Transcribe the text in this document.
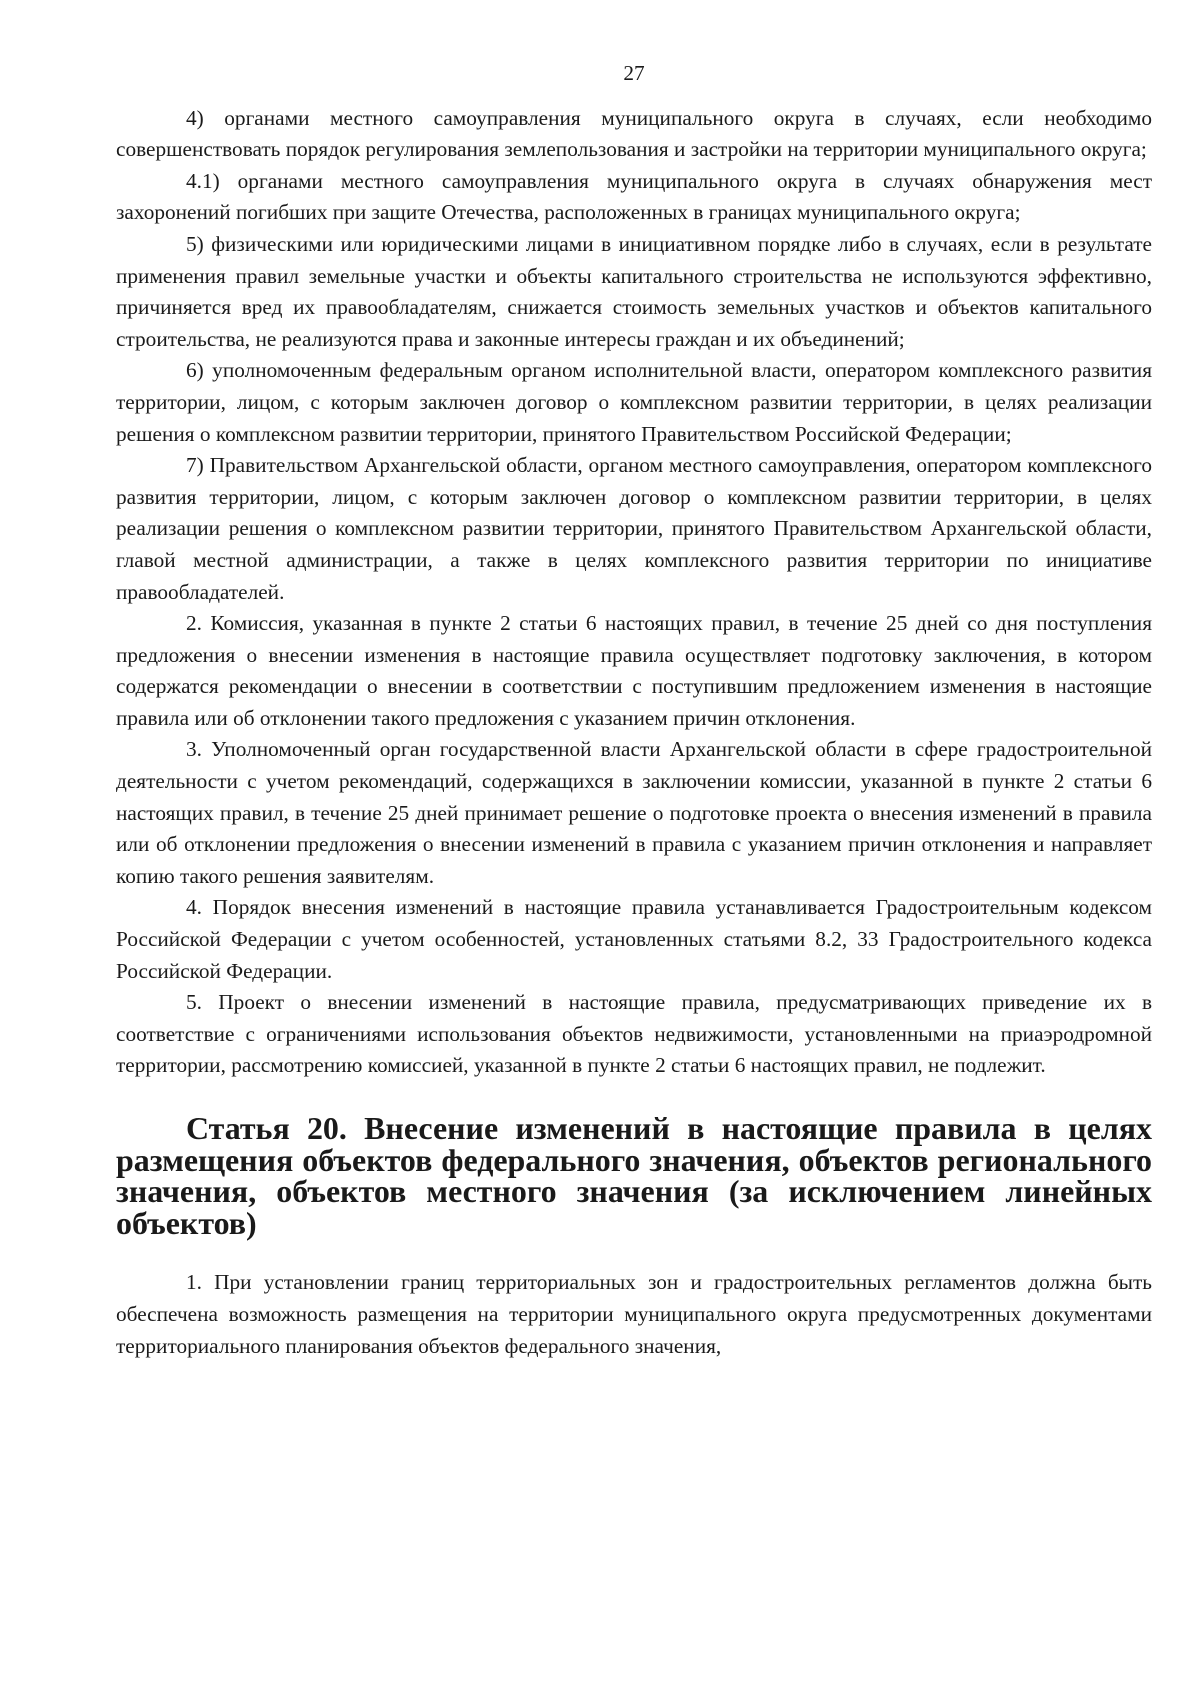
27

4) органами местного самоуправления муниципального округа в случаях, если необходимо совершенствовать порядок регулирования землепользования и застройки на территории муниципального округа;

4.1) органами местного самоуправления муниципального округа в случаях обнаружения мест захоронений погибших при защите Отечества, расположенных в границах муниципального округа;

5) физическими или юридическими лицами в инициативном порядке либо в случаях, если в результате применения правил земельные участки и объекты капитального строительства не используются эффективно, причиняется вред их правообладателям, снижается стоимость земельных участков и объектов капитального строительства, не реализуются права и законные интересы граждан и их объединений;

6) уполномоченным федеральным органом исполнительной власти, оператором комплексного развития территории, лицом, с которым заключен договор о комплексном развитии территории, в целях реализации решения о комплексном развитии территории, принятого Правительством Российской Федерации;

7) Правительством Архангельской области, органом местного самоуправления, оператором комплексного развития территории, лицом, с которым заключен договор о комплексном развитии территории, в целях реализации решения о комплексном развитии территории, принятого Правительством Архангельской области, главой местной администрации, а также в целях комплексного развития территории по инициативе правообладателей.

2. Комиссия, указанная в пункте 2 статьи 6 настоящих правил, в течение 25 дней со дня поступления предложения о внесении изменения в настоящие правила осуществляет подготовку заключения, в котором содержатся рекомендации о внесении в соответствии с поступившим предложением изменения в настоящие правила или об отклонении такого предложения с указанием причин отклонения.

3. Уполномоченный орган государственной власти Архангельской области в сфере градостроительной деятельности с учетом рекомендаций, содержащихся в заключении комиссии, указанной в пункте 2 статьи 6 настоящих правил, в течение 25 дней принимает решение о подготовке проекта о внесения изменений в правила или об отклонении предложения о внесении изменений в правила с указанием причин отклонения и направляет копию такого решения заявителям.

4. Порядок внесения изменений в настоящие правила устанавливается Градостроительным кодексом Российской Федерации с учетом особенностей, установленных статьями 8.2, 33 Градостроительного кодекса Российской Федерации.

5. Проект о внесении изменений в настоящие правила, предусматривающих приведение их в соответствие с ограничениями использования объектов недвижимости, установленными на приаэродромной территории, рассмотрению комиссией, указанной в пункте 2 статьи 6 настоящих правил, не подлежит.

Статья 20. Внесение изменений в настоящие правила в целях размещения объектов федерального значения, объектов регионального значения, объектов местного значения (за исключением линейных объектов)

1. При установлении границ территориальных зон и градостроительных регламентов должна быть обеспечена возможность размещения на территории муниципального округа предусмотренных документами территориального планирования объектов федерального значения,
